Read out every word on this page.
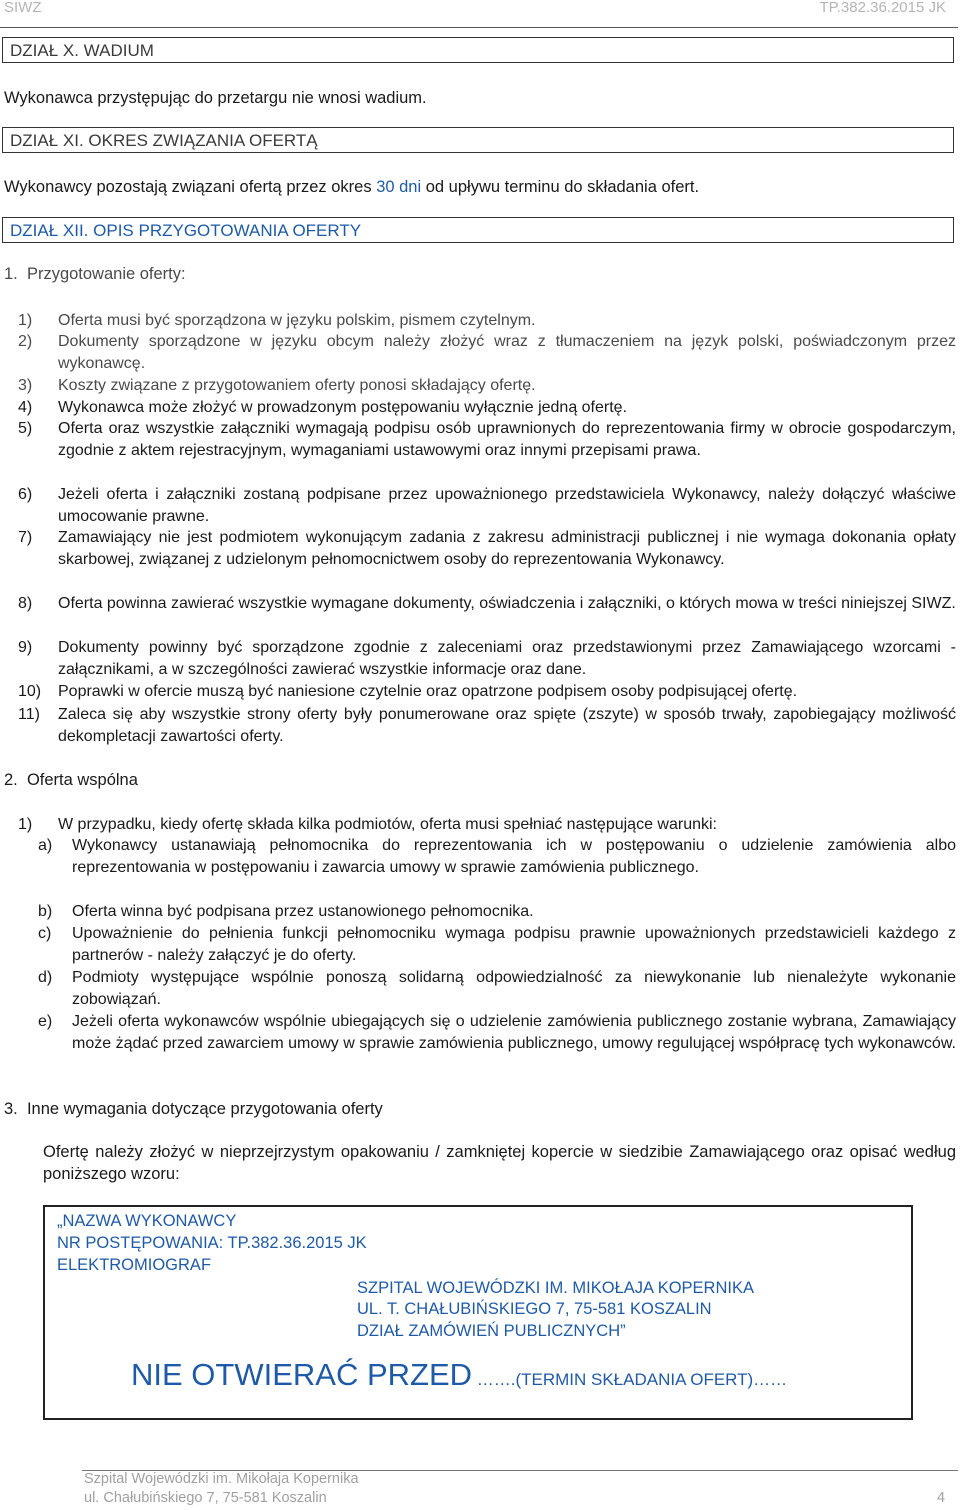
SIWZ	TP.382.36.2015 JK
DZIAŁ X. WADIUM
Wykonawca przystępując do przetargu nie wnosi wadium.
DZIAŁ XI. OKRES ZWIĄZANIA OFERTĄ
Wykonawcy pozostają związani ofertą przez okres 30 dni od upływu terminu do składania ofert.
DZIAŁ XII. OPIS PRZYGOTOWANIA OFERTY
1. Przygotowanie oferty:
1) Oferta musi być sporządzona w języku polskim, pismem czytelnym.
2) Dokumenty sporządzone w języku obcym należy złożyć wraz z tłumaczeniem na język polski, poświadczonym przez wykonawcę.
3) Koszty związane z przygotowaniem oferty ponosi składający ofertę.
4) Wykonawca może złożyć w prowadzonym postępowaniu wyłącznie jedną ofertę.
5) Oferta oraz wszystkie załączniki wymagają podpisu osób uprawnionych do reprezentowania firmy w obrocie gospodarczym, zgodnie z aktem rejestracyjnym, wymaganiami ustawowymi oraz innymi przepisami prawa.
6) Jeżeli oferta i załączniki zostaną podpisane przez upoważnionego przedstawiciela Wykonawcy, należy dołączyć właściwe umocowanie prawne.
7) Zamawiający nie jest podmiotem wykonującym zadania z zakresu administracji publicznej i nie wymaga dokonania opłaty skarbowej, związanej z udzielonym pełnomocnictwem osoby do reprezentowania Wykonawcy.
8) Oferta powinna zawierać wszystkie wymagane dokumenty, oświadczenia i załączniki, o których mowa w treści niniejszej SIWZ.
9) Dokumenty powinny być sporządzone zgodnie z zaleceniami oraz przedstawionymi przez Zamawiającego wzorcami - załącznikami, a w szczególności zawierać wszystkie informacje oraz dane.
10) Poprawki w ofercie muszą być naniesione czytelnie oraz opatrzone podpisem osoby podpisującej ofertę.
11) Zaleca się aby wszystkie strony oferty były ponumerowane oraz spięte (zszyte) w sposób trwały, zapobiegający możliwość dekompletacji zawartości oferty.
2. Oferta wspólna
1) W przypadku, kiedy ofertę składa kilka podmiotów, oferta musi spełniać następujące warunki:
a) Wykonawcy ustanawiają pełnomocnika do reprezentowania ich w postępowaniu o udzielenie zamówienia albo reprezentowania w postępowaniu i zawarcia umowy w sprawie zamówienia publicznego.
b) Oferta winna być podpisana przez ustanowionego pełnomocnika.
c) Upoważnienie do pełnienia funkcji pełnomocniku wymaga podpisu prawnie upoważnionych przedstawicieli każdego z partnerów - należy załączyć je do oferty.
d) Podmioty występujące wspólnie ponoszą solidarną odpowiedzialność za niewykonanie lub nienależyte wykonanie zobowiązań.
e) Jeżeli oferta wykonawców wspólnie ubiegających się o udzielenie zamówienia publicznego zostanie wybrana, Zamawiający może żądać przed zawarciem umowy w sprawie zamówienia publicznego, umowy regulującej współpracę tych wykonawców.
3. Inne wymagania dotyczące przygotowania oferty
Ofertę należy złożyć w nieprzejrzystym opakowaniu / zamkniętej kopercie w siedzibie Zamawiającego oraz opisać według poniższego wzoru:
„NAZWA WYKONAWCY
NR POSTĘPOWANIA: TP.382.36.2015 JK
ELEKTROMIOGRAF
SZPITAL WOJEWÓDZKI IM. MIKOŁAJA KOPERNIKA
UL. T. CHAŁUBIŃSKIEGO 7, 75-581 KOSZALIN
DZIAŁ ZAMÓWIEŃ PUBLICZNYCH”
NIE OTWIERAĆ PRZED …….(TERMIN SKŁADANIA OFERT)……
Szpital Wojewódzki im. Mikołaja Kopernika
ul. Chałubińskiego 7, 75-581 Koszalin	4
